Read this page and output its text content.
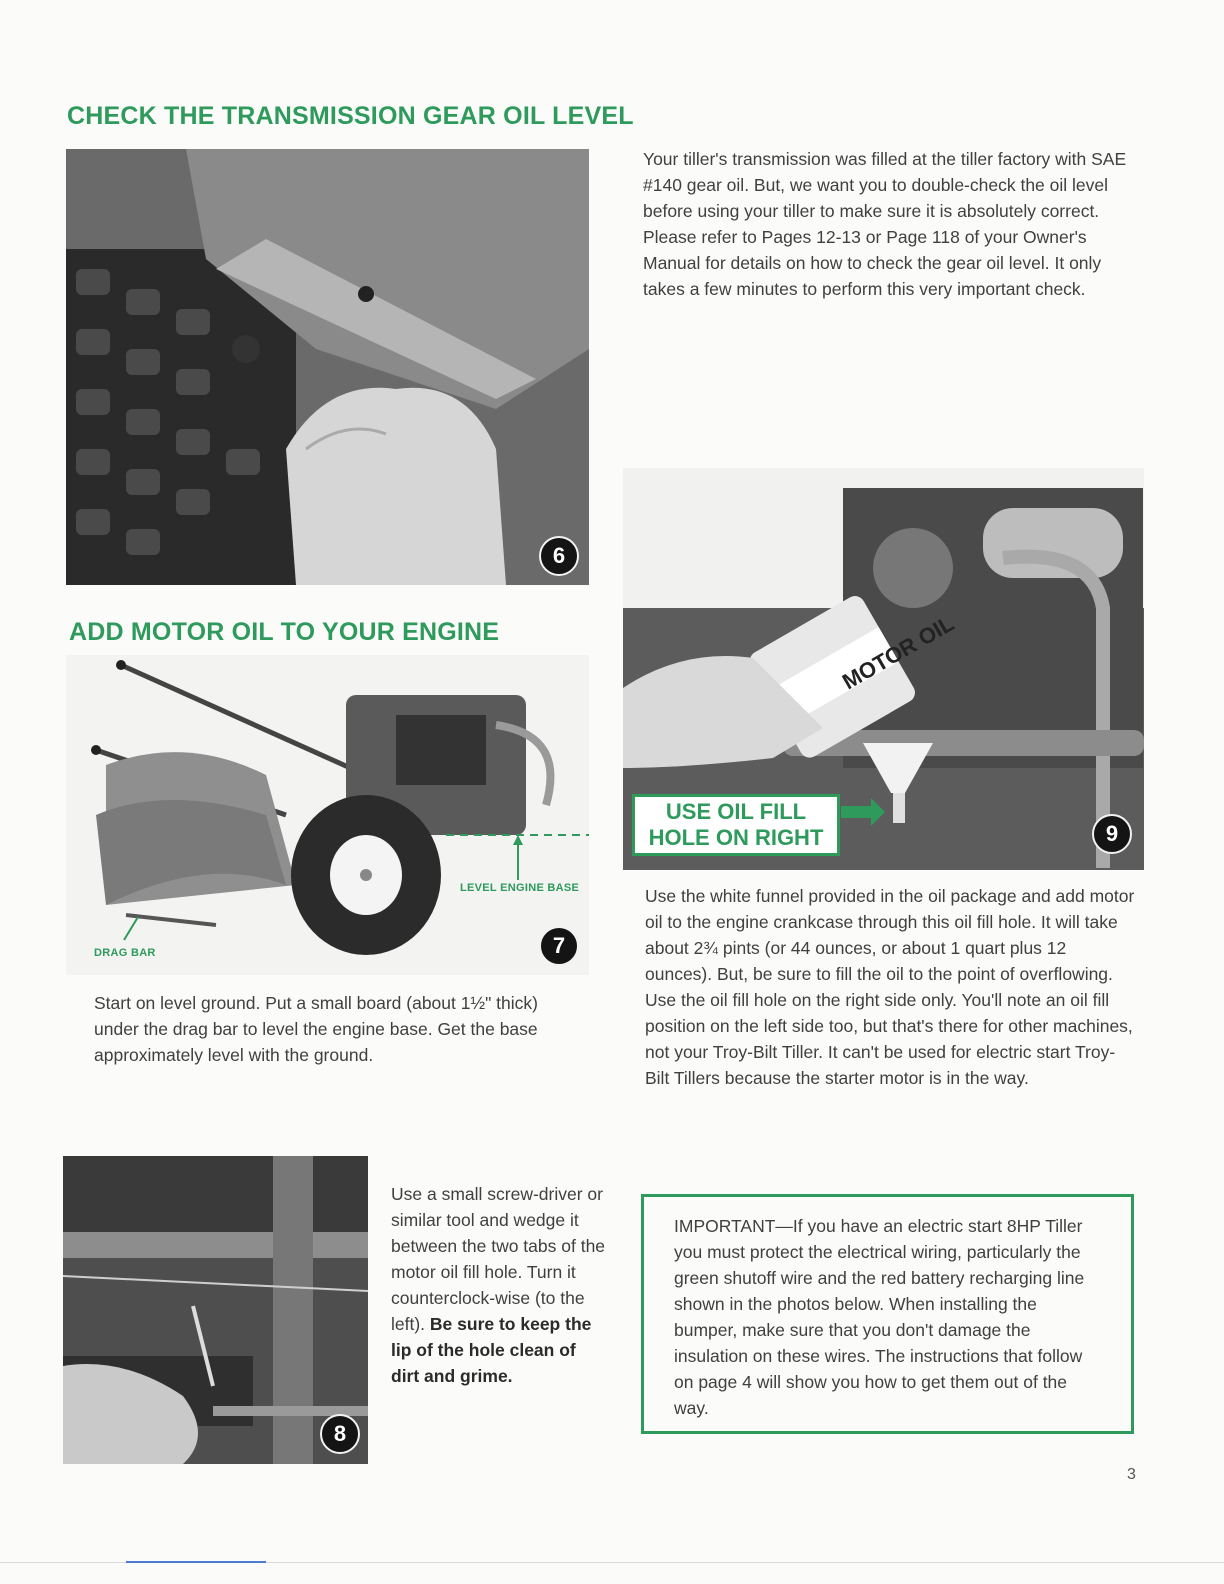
CHECK THE TRANSMISSION GEAR OIL LEVEL
6

Your tiller's transmission was filled at the tiller factory with SAE #140 gear oil. But, we want you to double-check the oil level before using your tiller to make sure it is absolutely correct. Please refer to Pages 12-13 or Page 118 of your Owner's Manual for details on how to check the gear oil level. It only takes a few minutes to perform this very important check.

ADD MOTOR OIL TO YOUR ENGINE
LEVEL ENGINE BASE
DRAG BAR	7

Start on level ground. Put a small board (about 1½" thick) under the drag bar to level the engine base. Get the base approximately level with the ground.

MOTOR OIL
USE OIL FILL
HOLE ON RIGHT	9

Use the white funnel provided in the oil package and add motor oil to the engine crankcase through this oil fill hole. It will take about 2¾ pints (or 44 ounces, or about 1 quart plus 12 ounces). But, be sure to fill the oil to the point of overflowing. Use the oil fill hole on the right side only. You'll note an oil fill position on the left side too, but that's there for other machines, not your Troy-Bilt Tiller. It can't be used for electric start Troy-Bilt Tillers because the starter motor is in the way.

8
Use a small screw-driver or similar tool and wedge it between the two tabs of the motor oil fill hole. Turn it counterclock-wise (to the left). Be sure to keep the lip of the hole clean of dirt and grime.

IMPORTANT—If you have an electric start 8HP Tiller you must protect the electrical wiring, particularly the green shutoff wire and the red battery recharging line shown in the photos below. When installing the bumper, make sure that you don't damage the insulation on these wires. The instructions that follow on page 4 will show you how to get them out of the way.

3
